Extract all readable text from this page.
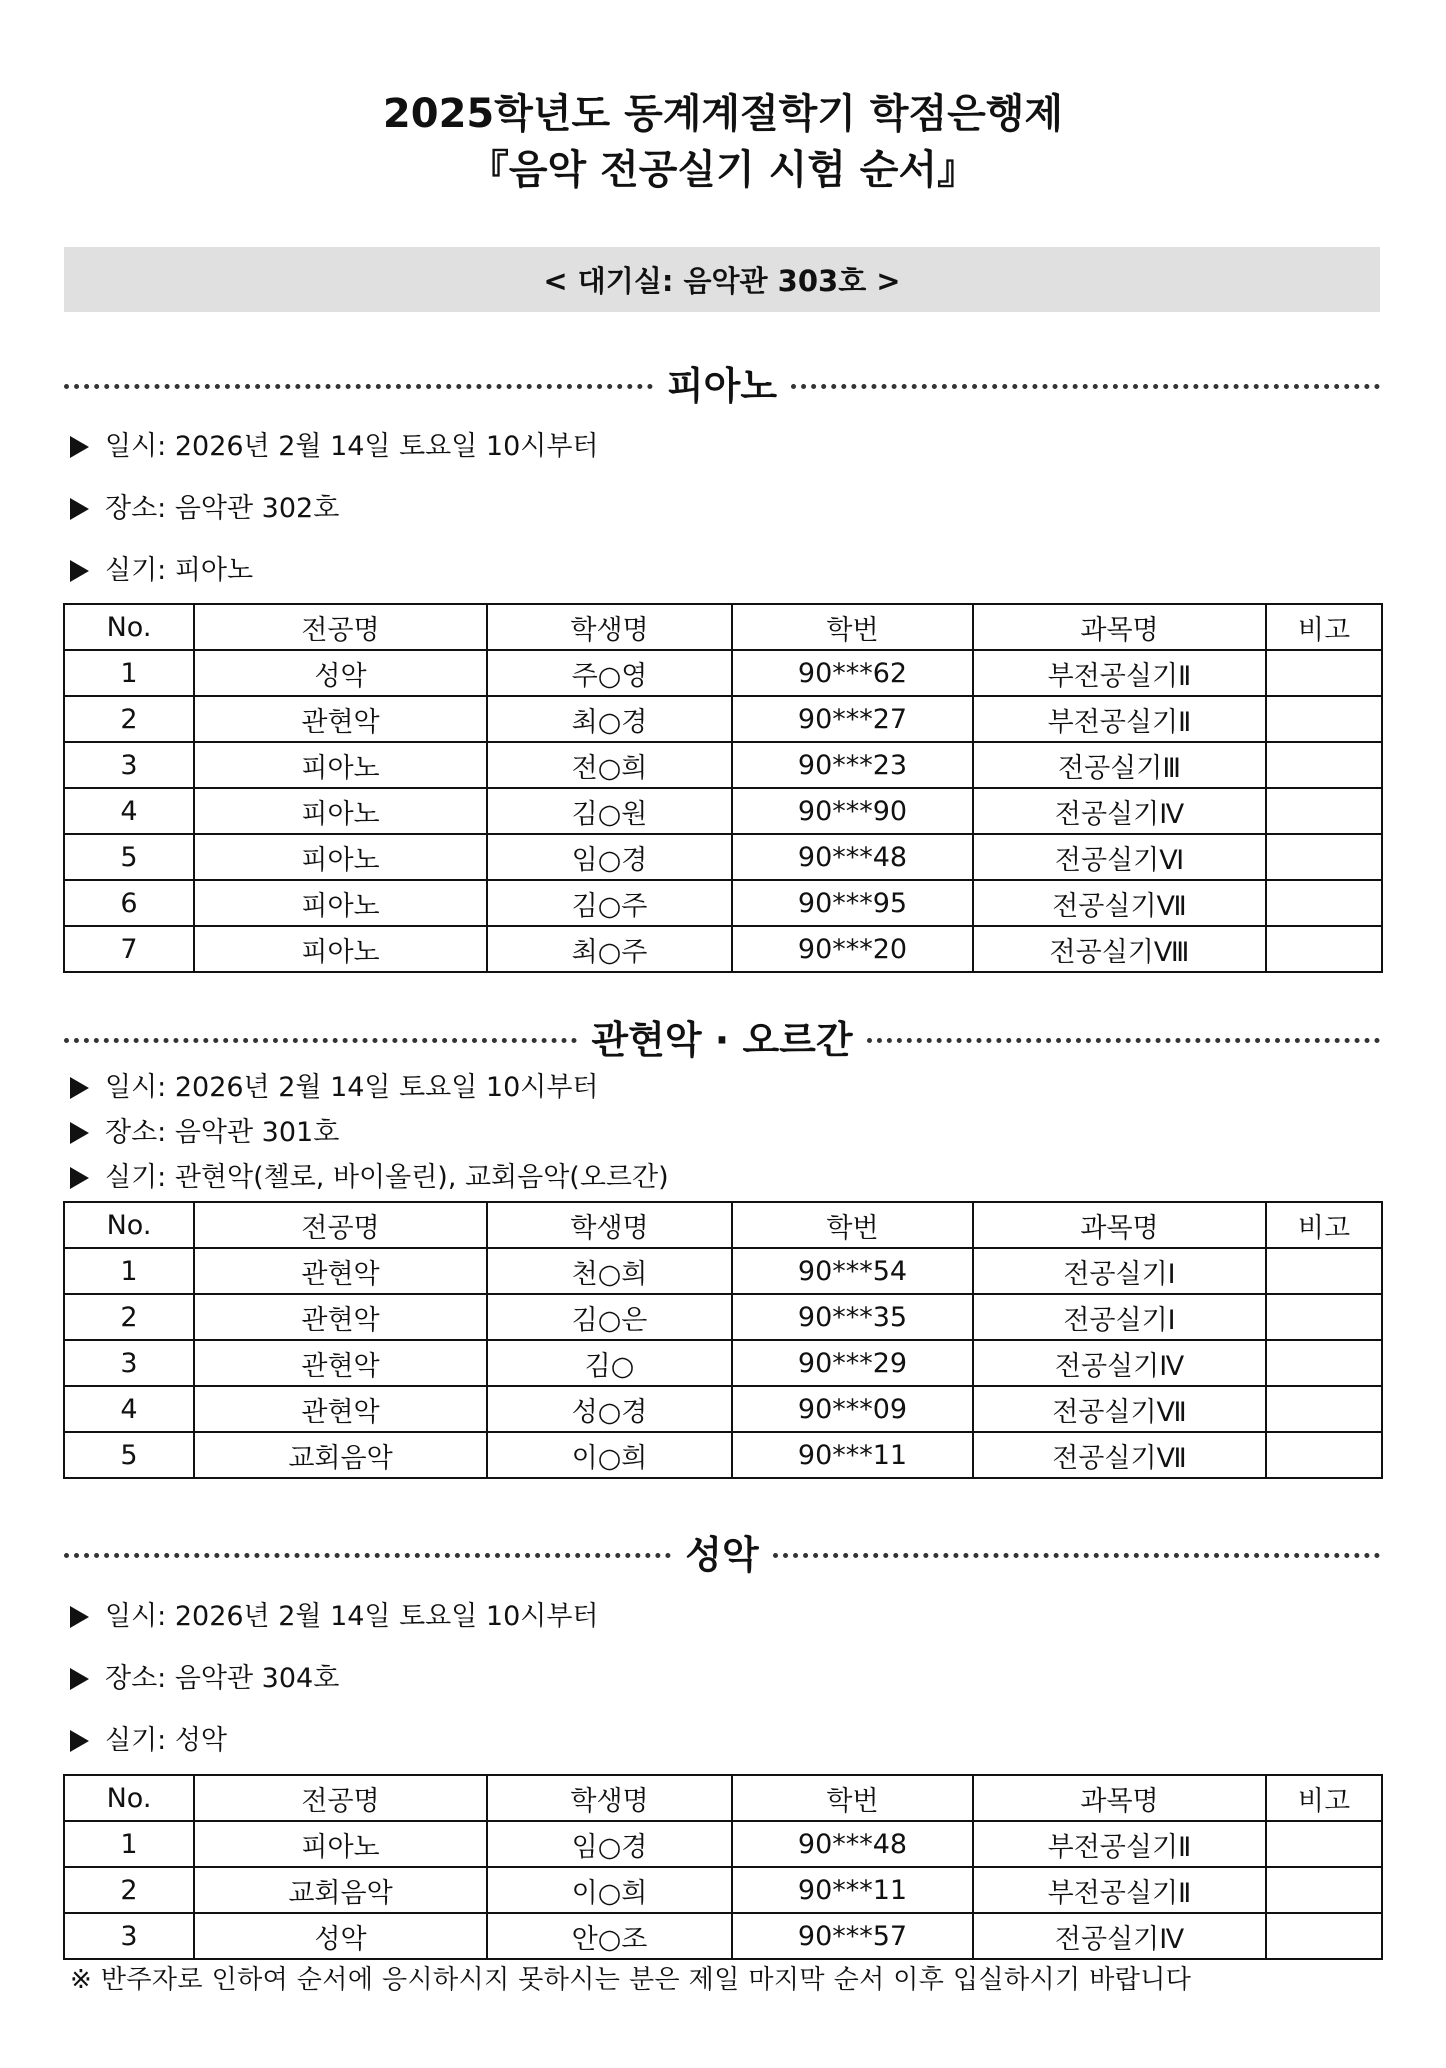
2025학년도 동계계절학기 학점은행제
『음악 전공실기 시험 순서』
< 대기실: 음악관 303호 >
피아노
일시: 2026년 2월 14일 토요일 10시부터
장소: 음악관 302호
실기: 피아노
No.	전공명	학생명	학번	과목명	비고
1	성악	주○영	90***62	부전공실기Ⅱ	
2	관현악	최○경	90***27	부전공실기Ⅱ	
3	피아노	전○희	90***23	전공실기Ⅲ	
4	피아노	김○원	90***90	전공실기Ⅳ	
5	피아노	임○경	90***48	전공실기Ⅵ	
6	피아노	김○주	90***95	전공실기Ⅶ	
7	피아노	최○주	90***20	전공실기Ⅷ	
관현악 · 오르간
일시: 2026년 2월 14일 토요일 10시부터
장소: 음악관 301호
실기: 관현악(첼로, 바이올린), 교회음악(오르간)
No.	전공명	학생명	학번	과목명	비고
1	관현악	천○희	90***54	전공실기Ⅰ	
2	관현악	김○은	90***35	전공실기Ⅰ	
3	관현악	김○	90***29	전공실기Ⅳ	
4	관현악	성○경	90***09	전공실기Ⅶ	
5	교회음악	이○희	90***11	전공실기Ⅶ	
성악
일시: 2026년 2월 14일 토요일 10시부터
장소: 음악관 304호
실기: 성악
No.	전공명	학생명	학번	과목명	비고
1	피아노	임○경	90***48	부전공실기Ⅱ	
2	교회음악	이○희	90***11	부전공실기Ⅱ	
3	성악	안○조	90***57	전공실기Ⅳ	
※ 반주자로 인하여 순서에 응시하시지 못하시는 분은 제일 마지막 순서 이후 입실하시기 바랍니다
